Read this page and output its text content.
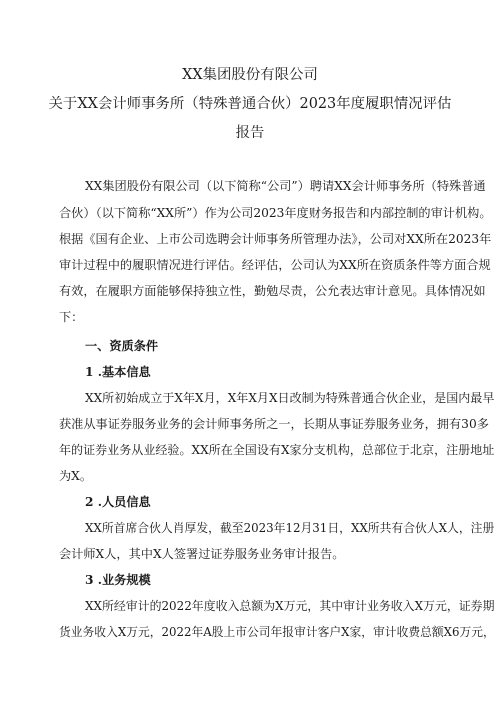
XX集团股份有限公司
关于XX会计师事务所（特殊普通合伙）2023年度履职情况评估
报告
XX集团股份有限公司（以下简称“公司”）聘请XX会计师事务所（特殊普通
合伙）（以下简称“XX所”）作为公司2023年度财务报告和内部控制的审计机构。
根据《国有企业、上市公司选聘会计师事务所管理办法》，公司对XX所在2023年
审计过程中的履职情况进行评估。经评估，公司认为XX所在资质条件等方面合规
有效，在履职方面能够保持独立性，勤勉尽责，公允表达审计意见。具体情况如
下：
一、资质条件
1 .基本信息
XX所初始成立于X年X月，X年X月X日改制为特殊普通合伙企业，是国内最早
获准从事证券服务业务的会计师事务所之一，长期从事证券服务业务，拥有30多
年的证券业务从业经验。XX所在全国设有X家分支机构，总部位于北京，注册地址
为X。
2 .人员信息
XX所首席合伙人肖厚发，截至2023年12月31日，XX所共有合伙人X人，注册
会计师X人，其中X人签署过证券服务业务审计报告。
3 .业务规模
XX所经审计的2022年度收入总额为X万元，其中审计业务收入X万元，证券期
货业务收入X万元，2022年A股上市公司年报审计客户X家，审计收费总额X6万元，
